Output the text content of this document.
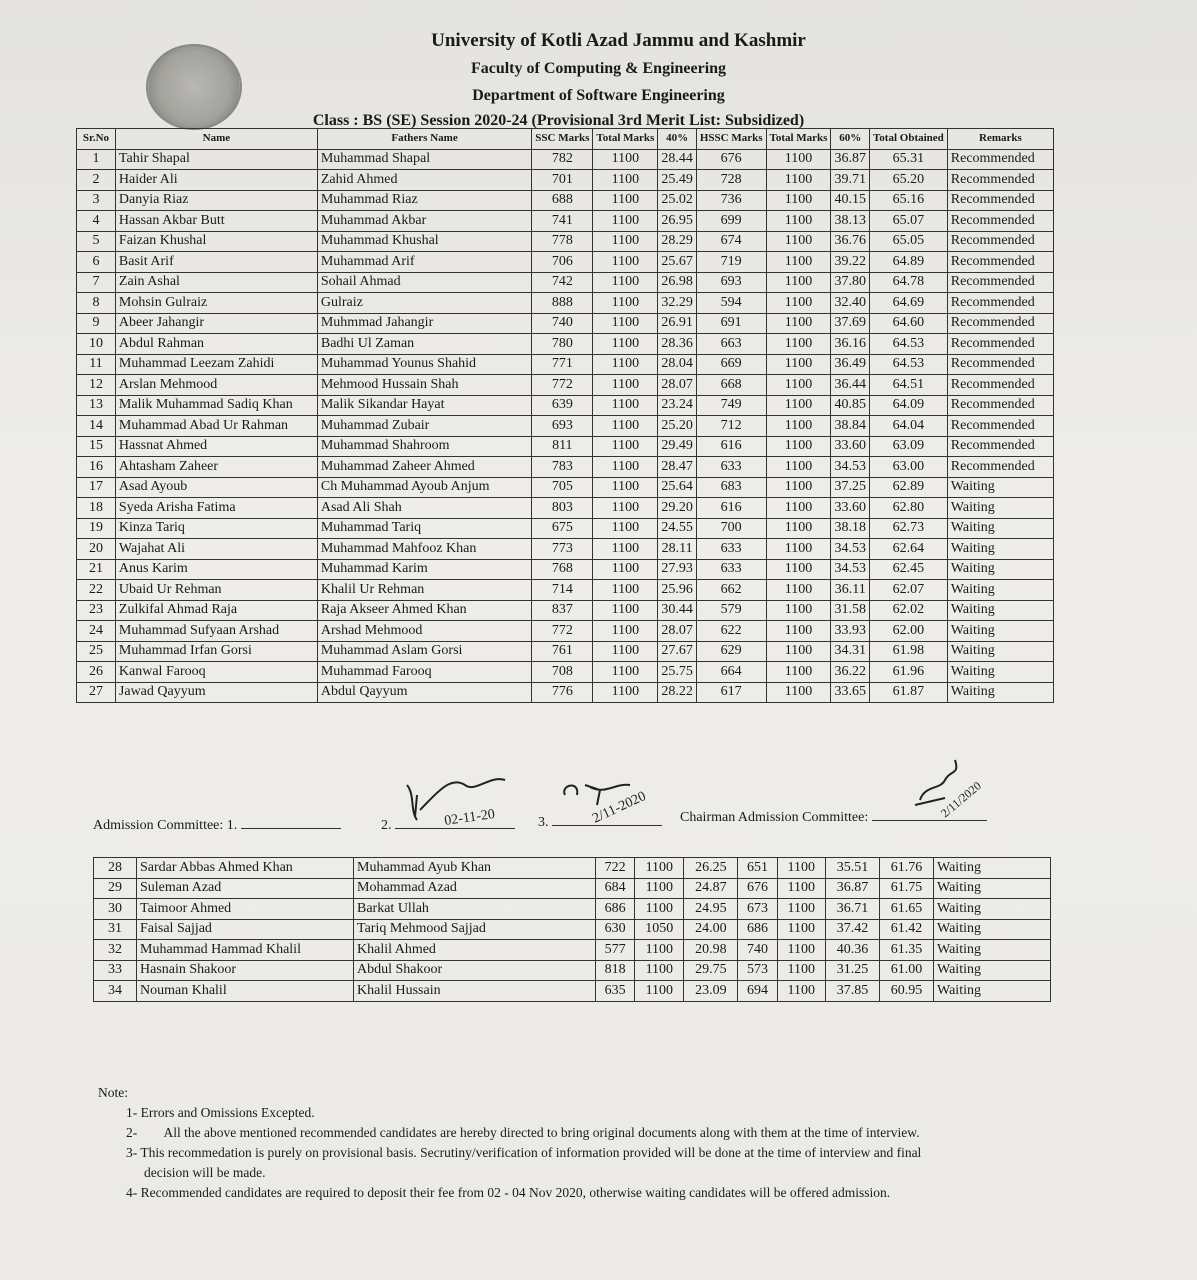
University of Kotli Azad Jammu and Kashmir
Faculty of Computing & Engineering
Department of Software Engineering
Class : BS (SE) Session 2020-24 (Provisional 3rd Merit List: Subsidized)
Sr.No	Name	Fathers Name	SSC Marks	Total Marks	40%	HSSC Marks	Total Marks	60%	Total Obtained	Remarks
1	Tahir Shapal	Muhammad Shapal	782	1100	28.44	676	1100	36.87	65.31	Recommended
2	Haider Ali	Zahid Ahmed	701	1100	25.49	728	1100	39.71	65.20	Recommended
3	Danyia Riaz	Muhammad Riaz	688	1100	25.02	736	1100	40.15	65.16	Recommended
4	Hassan Akbar Butt	Muhammad Akbar	741	1100	26.95	699	1100	38.13	65.07	Recommended
5	Faizan Khushal	Muhammad Khushal	778	1100	28.29	674	1100	36.76	65.05	Recommended
6	Basit Arif	Muhammad Arif	706	1100	25.67	719	1100	39.22	64.89	Recommended
7	Zain Ashal	Sohail Ahmad	742	1100	26.98	693	1100	37.80	64.78	Recommended
8	Mohsin Gulraiz	Gulraiz	888	1100	32.29	594	1100	32.40	64.69	Recommended
9	Abeer Jahangir	Muhmmad Jahangir	740	1100	26.91	691	1100	37.69	64.60	Recommended
10	Abdul Rahman	Badhi Ul Zaman	780	1100	28.36	663	1100	36.16	64.53	Recommended
11	Muhammad Leezam Zahidi	Muhammad Younus Shahid	771	1100	28.04	669	1100	36.49	64.53	Recommended
12	Arslan Mehmood	Mehmood Hussain Shah	772	1100	28.07	668	1100	36.44	64.51	Recommended
13	Malik Muhammad Sadiq Khan	Malik Sikandar Hayat	639	1100	23.24	749	1100	40.85	64.09	Recommended
14	Muhammad Abad Ur Rahman	Muhammad Zubair	693	1100	25.20	712	1100	38.84	64.04	Recommended
15	Hassnat Ahmed	Muhammad Shahroom	811	1100	29.49	616	1100	33.60	63.09	Recommended
16	Ahtasham Zaheer	Muhammad Zaheer Ahmed	783	1100	28.47	633	1100	34.53	63.00	Recommended
17	Asad Ayoub	Ch Muhammad Ayoub Anjum	705	1100	25.64	683	1100	37.25	62.89	Waiting
18	Syeda Arisha Fatima	Asad Ali Shah	803	1100	29.20	616	1100	33.60	62.80	Waiting
19	Kinza Tariq	Muhammad Tariq	675	1100	24.55	700	1100	38.18	62.73	Waiting
20	Wajahat Ali	Muhammad Mahfooz Khan	773	1100	28.11	633	1100	34.53	62.64	Waiting
21	Anus Karim	Muhammad Karim	768	1100	27.93	633	1100	34.53	62.45	Waiting
22	Ubaid Ur Rehman	Khalil Ur Rehman	714	1100	25.96	662	1100	36.11	62.07	Waiting
23	Zulkifal Ahmad Raja	Raja Akseer Ahmed Khan	837	1100	30.44	579	1100	31.58	62.02	Waiting
24	Muhammad Sufyaan Arshad	Arshad Mehmood	772	1100	28.07	622	1100	33.93	62.00	Waiting
25	Muhammad Irfan Gorsi	Muhammad Aslam Gorsi	761	1100	27.67	629	1100	34.31	61.98	Waiting
26	Kanwal Farooq	Muhammad Farooq	708	1100	25.75	664	1100	36.22	61.96	Waiting
27	Jawad Qayyum	Abdul Qayyum	776	1100	28.22	617	1100	33.65	61.87	Waiting
Admission Committee: 1.	2.	3.	Chairman Admission Committee:
02-11-20	2/11-2020	2/11/2020
28	Sardar Abbas Ahmed Khan	Muhammad Ayub Khan	722	1100	26.25	651	1100	35.51	61.76	Waiting
29	Suleman Azad	Mohammad Azad	684	1100	24.87	676	1100	36.87	61.75	Waiting
30	Taimoor Ahmed	Barkat Ullah	686	1100	24.95	673	1100	36.71	61.65	Waiting
31	Faisal Sajjad	Tariq Mehmood Sajjad	630	1050	24.00	686	1100	37.42	61.42	Waiting
32	Muhammad Hammad Khalil	Khalil Ahmed	577	1100	20.98	740	1100	40.36	61.35	Waiting
33	Hasnain Shakoor	Abdul Shakoor	818	1100	29.75	573	1100	31.25	61.00	Waiting
34	Nouman Khalil	Khalil Hussain	635	1100	23.09	694	1100	37.85	60.95	Waiting
Note:
1- Errors and Omissions Excepted.
2-        All the above mentioned recommended candidates are hereby directed to bring original documents along with them at the time of interview.
3- This recommedation is purely on provisional basis. Secrutiny/verification of information provided will be done at the time of interview and final
decision will be made.
4- Recommended candidates are required to deposit their fee from 02 - 04 Nov 2020, otherwise waiting candidates will be offered admission.
